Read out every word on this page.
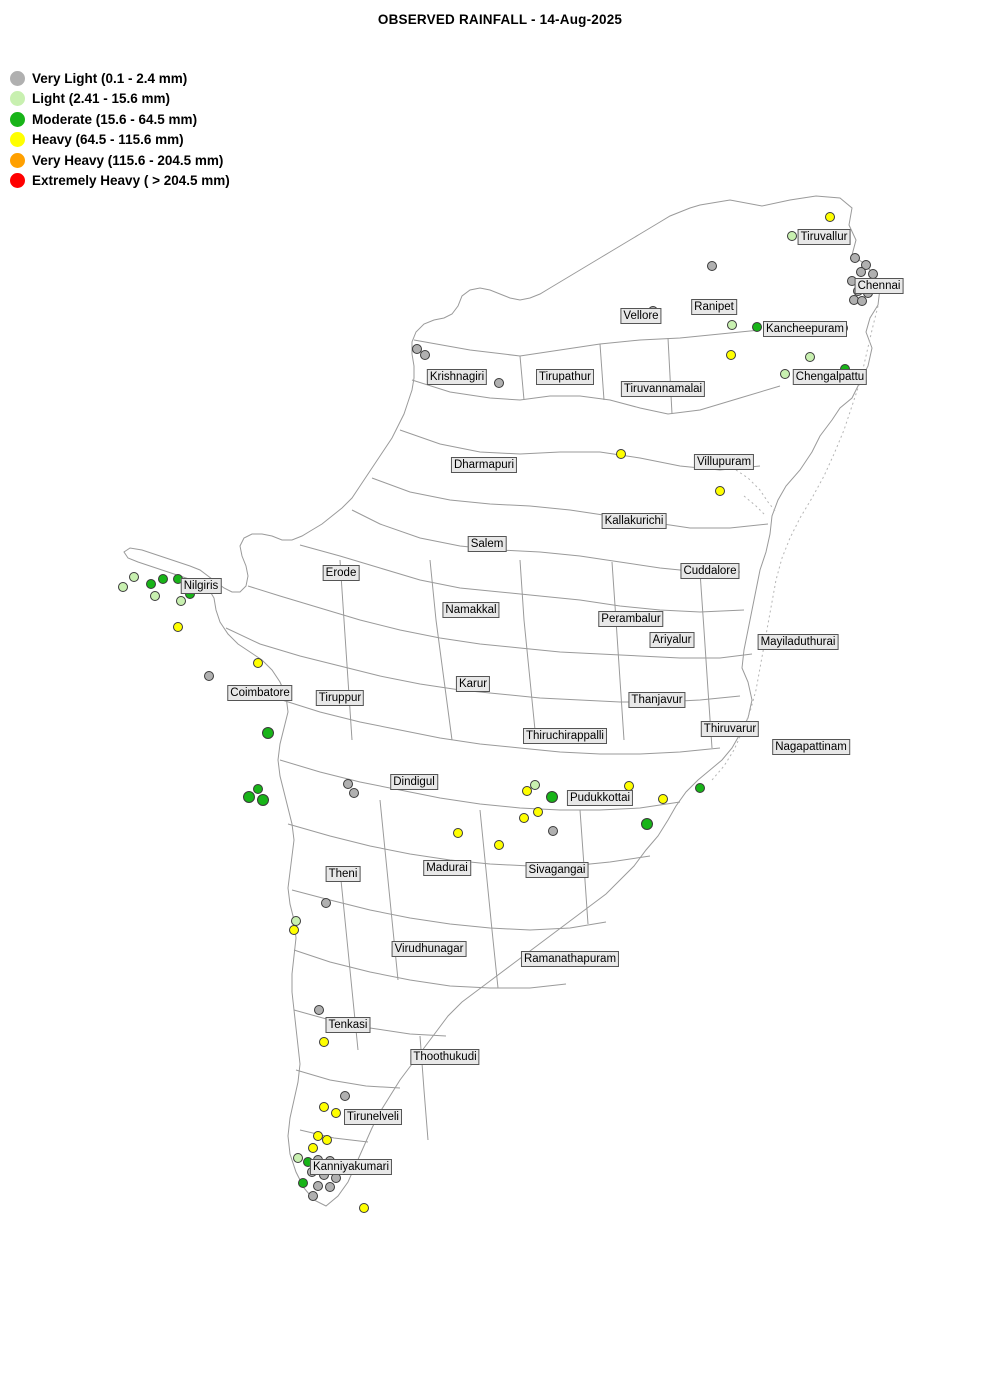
OBSERVED RAINFALL - 14-Aug-2025
Very Light (0.1 - 2.4 mm)
Light (2.41 - 15.6 mm)
Moderate (15.6 - 64.5 mm)
Heavy (64.5 - 115.6 mm)
Very Heavy (115.6 - 204.5 mm)
Extremely Heavy ( > 204.5 mm)
Tiruvallur
Chennai
Vellore
Ranipet
Kancheepuram
Chengalpattu
Krishnagiri	Tirupathur
Tiruvannamalai
Dharmapuri	Villupuram
Kallakurichi
Salem
Cuddalore
Nilgiris
Erode
Namakkal
Perambalur
Ariyalur	Mayiladuthurai
Coimbatore	Tiruppur
Karur
Thanjavur
Thiruvarur
Thiruchirappalli
Nagapattinam
Dindigul
Pudukkottai
Theni	Madurai	Sivagangai
Virudhunagar
Ramanathapuram
Tenkasi
Thoothukudi
Tirunelveli
Kanniyakumari
